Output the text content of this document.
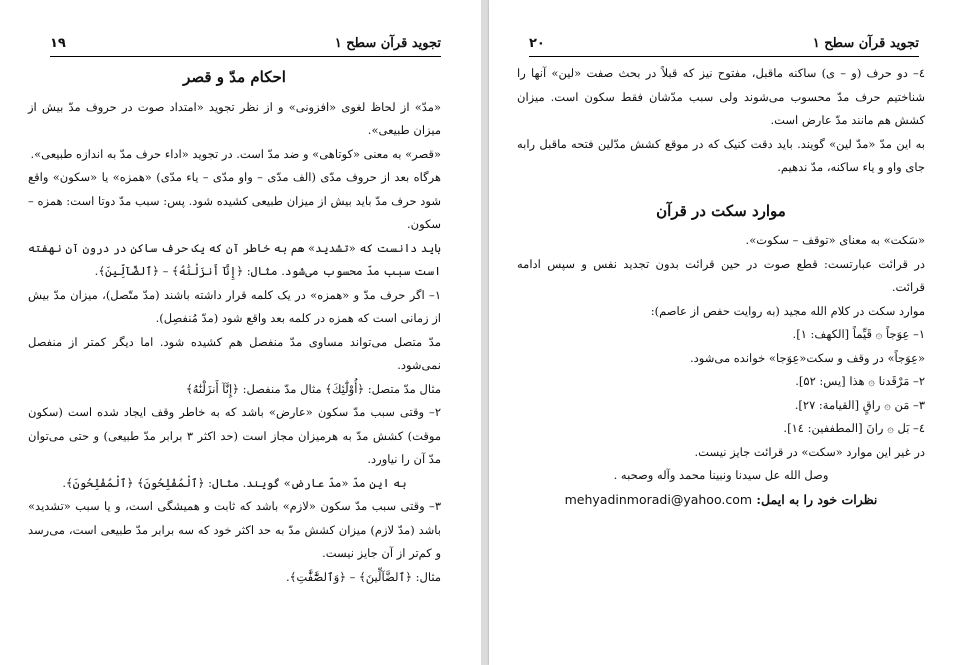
تجوید قرآن سطح ۱
۱۹

احکام مدّ و قصر

«مدّ» از لحاظ لغوی «افزونی» و از نظر تجوید «امتداد صوت در حروف مدّ بیش از میزان طبیعی».

«قصر» به معنی «کوتاهی» و ضد مدّ است. در تجوید «اداء حرف مدّ به اندازه طبیعی».

هرگاه بعد از حروف مدّی (الف مدّی – واو مدّی – یاء مدّی) «همزه» یا «سکون» واقع شود حرف مدّ باید بیش از میزان طبیعی کشیده شود. پس: سبب مدّ دوتا است: همزه – سکون.

باید دانست که «تشدید» هم به خاطر آن که یک حرف ساکن در درون آن نهفته است سبب مدّ محسوب می‌شود. مثال: ﴿إِنَّآ أَنزَلْنَٰهُ﴾ – ﴿ٱلضَّآلِّينَ﴾.

۱– اگر حرف مدّ و «همزه» در یک کلمه قرار داشته باشند (مدّ متّصل)، میزان مدّ بیش از زمانی است که همزه در کلمه بعد واقع شود (مدّ مُنفصِل).

مدّ متصل می‌تواند مساوی مدّ منفصل هم کشیده شود. اما دیگر کمتر از منفصل نمی‌شود.

مثال مدّ متصل: ﴿أُوْلَٰٓئِكَ﴾ مثال مدّ منفصل: ﴿إِنَّآ أَنزَلْنَٰهُ﴾

۲– وقتی سبب مدّ سکون «عارض» باشد که به خاطر وقف ایجاد شده است (سکون موقت) کشش مدّ به هرمیزان مجاز است (حد اکثر ۳ برابر مدّ طبیعی) و حتی می‌توان مدّ آن را نیاورد.

به این مدّ «مدّ عارض» گویند. مثال: ﴿ٱلْمُفْلِحُونَ﴾ ﴿ٱلْمُفْلِحُونَ﴾.

۳– وقتی سبب مدّ سکون «لازم» باشد که ثابت و همیشگی است، و یا سبب «تشدید» باشد (مدّ لازم) میزان کشش مدّ به حد اکثر خود که سه برابر مدّ طبیعی است، می‌رسد و کم‌تر از آن جایز نیست.

مثال: ﴿ٱلضَّآلِّينَ﴾ – ﴿وَٱلصَّٰٓفَّٰتِ﴾.

تجوید قرآن سطح ۱
۲۰

٤– دو حرف (و – ی) ساکنه ماقبل، مفتوح نیز که قبلاً در بحث صفت «لین» آنها را شناختیم حرف مدّ محسوب می‌شوند ولی سبب مدّشان فقط سکون است. میزان کشش هم مانند مدّ عارض است.

به این مدّ «مدّ لین» گویند. باید دقت کنیک که در موقع کشش مدّلین فتحه ماقبل رابه جای واو و یاء ساکنه، مدّ ندهیم.

موارد سکت در قرآن

«سَکت» به معنای «توقف – سکوت».

در قرائت عبارتست: قطع صوت در حین قرائت بدون تجدید نفس و سپس ادامه قرائت.

موارد سکت در کلام الله مجید (به روایت حفص از عاصم):

۱– عِوَجاً ۞ قَيِّماً [الکهف: ۱].

«عِوَجاً» در وقف و سکت«عِوَجا» خوانده می‌شود.

۲– مَرْقَدنا ۞ هذا [یس: ۵۲].

۳– مَن ۞ راقٍ [القیامة: ۲۷].

٤– بَل ۞ رانَ [المطففین: ۱٤].

در غیر این موارد «سکت» در قرائت جایز نیست.

وصل الله عل سیدنا ونبینا محمد وآله وصحبه .

نظرات خود را به ایمل: mehyadinmoradi@yahoo.com
